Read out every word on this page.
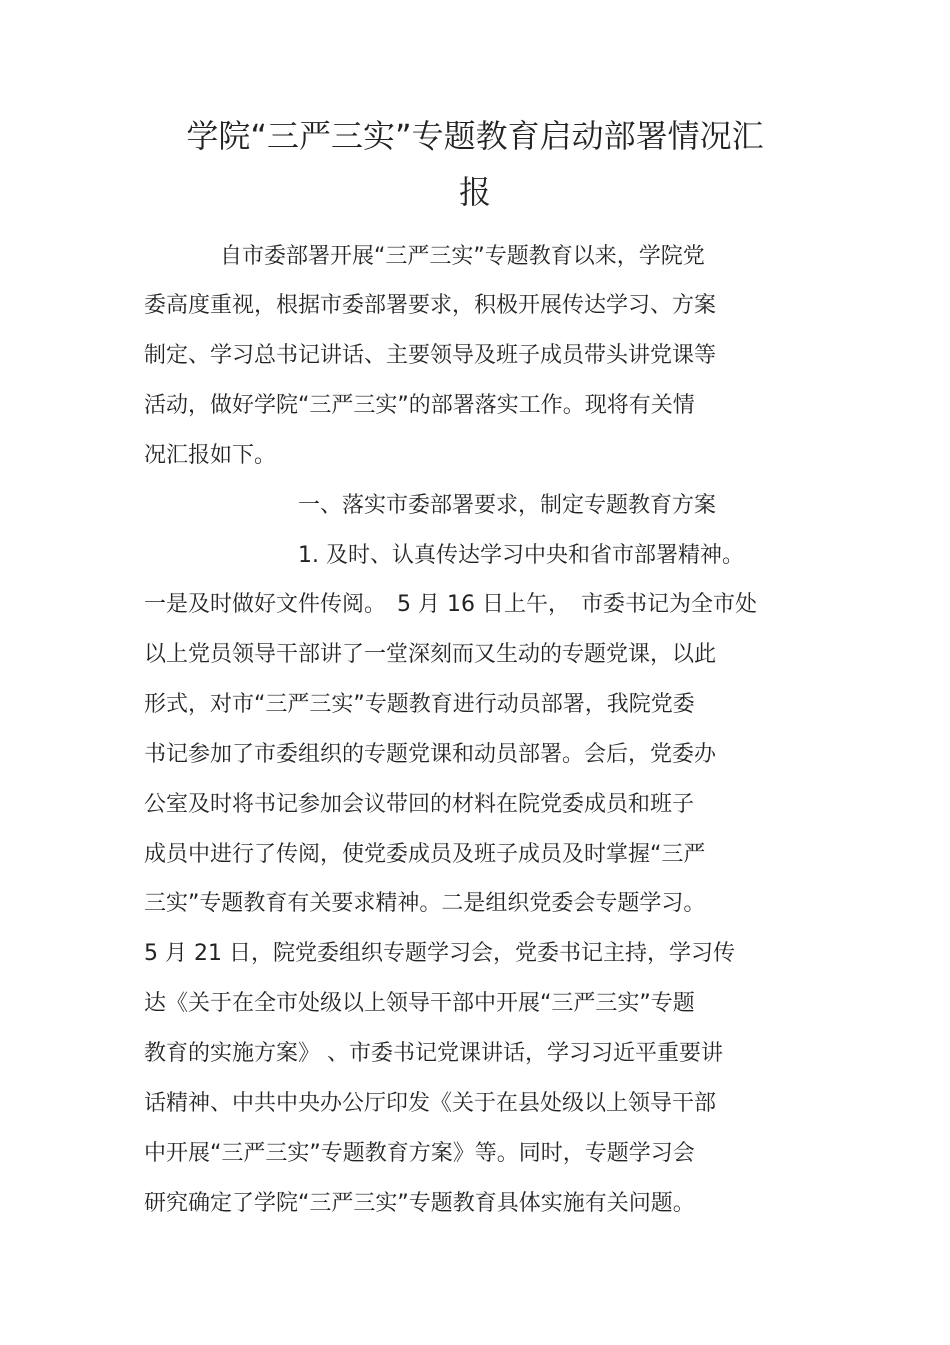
学院“三严三实”专题教育启动部署情况汇
报
自市委部署开展“三严三实”专题教育以来，学院党
委高度重视，根据市委部署要求，积极开展传达学习、方案
制定、学习总书记讲话、主要领导及班子成员带头讲党课等
活动，做好学院“三严三实”的部署落实工作。现将有关情
况汇报如下。
一、落实市委部署要求，制定专题教育方案
1. 及时、认真传达学习中央和省市部署精神。
一是及时做好文件传阅。　5 月 16 日上午，　市委书记为全市处
以上党员领导干部讲了一堂深刻而又生动的专题党课，以此
形式，对市“三严三实”专题教育进行动员部署，我院党委
书记参加了市委组织的专题党课和动员部署。会后，党委办
公室及时将书记参加会议带回的材料在院党委成员和班子
成员中进行了传阅，使党委成员及班子成员及时掌握“三严
三实”专题教育有关要求精神。二是组织党委会专题学习。
5 月 21 日，院党委组织专题学习会，党委书记主持，学习传
达《关于在全市处级以上领导干部中开展“三严三实”专题
教育的实施方案》 、市委书记党课讲话，学习习近平重要讲
话精神、中共中央办公厅印发《关于在县处级以上领导干部
中开展“三严三实”专题教育方案》等。同时，专题学习会
研究确定了学院“三严三实”专题教育具体实施有关问题。
